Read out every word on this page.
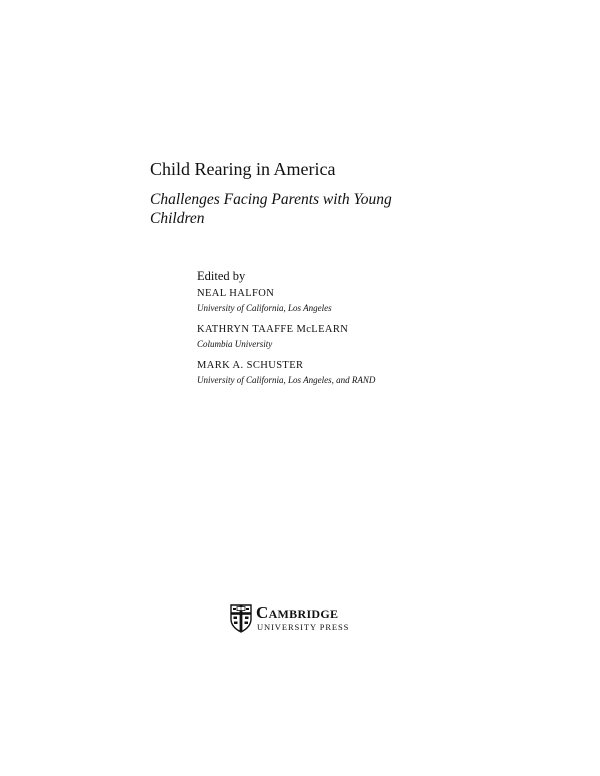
Child Rearing in America
Challenges Facing Parents with Young Children
Edited by
NEAL HALFON
University of California, Los Angeles
KATHRYN TAAFFE McLEARN
Columbia University
MARK A. SCHUSTER
University of California, Los Angeles, and RAND
Cambridge
UNIVERSITY PRESS
